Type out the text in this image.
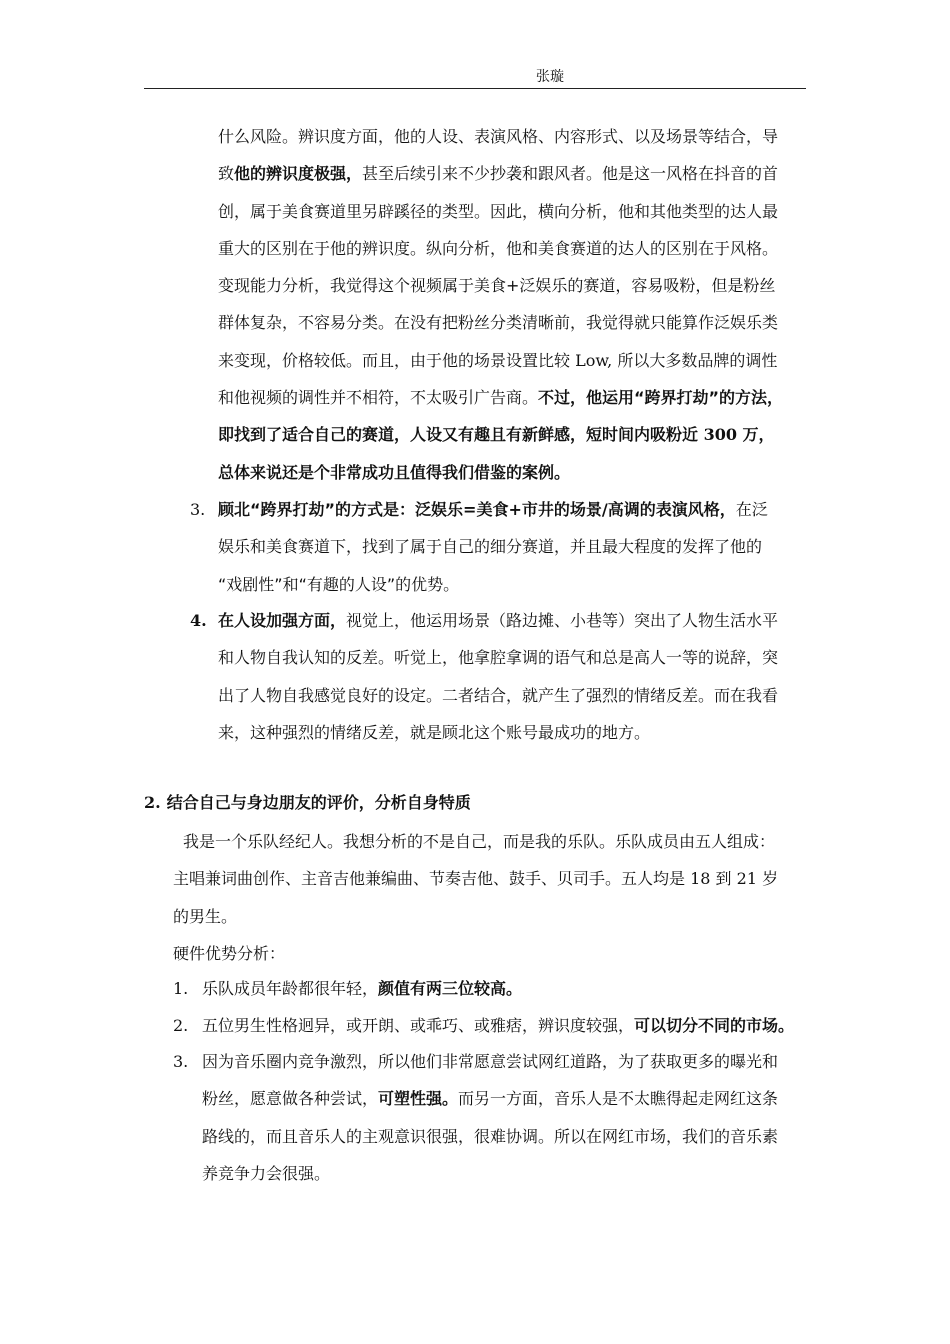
张璇

什么风险。辨识度方面，他的人设、表演风格、内容形式、以及场景等结合，导

致他的辨识度极强，甚至后续引来不少抄袭和跟风者。他是这一风格在抖音的首

创，属于美食赛道里另辟蹊径的类型。因此，横向分析，他和其他类型的达人最

重大的区别在于他的辨识度。纵向分析，他和美食赛道的达人的区别在于风格。

变现能力分析，我觉得这个视频属于美食+泛娱乐的赛道，容易吸粉，但是粉丝

群体复杂，不容易分类。在没有把粉丝分类清晰前，我觉得就只能算作泛娱乐类

来变现，价格较低。而且，由于他的场景设置比较 Low, 所以大多数品牌的调性

和他视频的调性并不相符，不太吸引广告商。不过，他运用“跨界打劫”的方法，

即找到了适合自己的赛道，人设又有趣且有新鲜感，短时间内吸粉近 300 万，

总体来说还是个非常成功且值得我们借鉴的案例。

3. 顾北“跨界打劫”的方式是：泛娱乐=美食+市井的场景/高调的表演风格，在泛

娱乐和美食赛道下，找到了属于自己的细分赛道，并且最大程度的发挥了他的

“戏剧性”和“有趣的人设”的优势。

4. 在人设加强方面，视觉上，他运用场景（路边摊、小巷等）突出了人物生活水平

和人物自我认知的反差。听觉上，他拿腔拿调的语气和总是高人一等的说辞，突

出了人物自我感觉良好的设定。二者结合，就产生了强烈的情绪反差。而在我看

来，这种强烈的情绪反差，就是顾北这个账号最成功的地方。

2. 结合自己与身边朋友的评价，分析自身特质

我是一个乐队经纪人。我想分析的不是自己，而是我的乐队。乐队成员由五人组成：

主唱兼词曲创作、主音吉他兼编曲、节奏吉他、鼓手、贝司手。五人均是 18 到 21 岁

的男生。

硬件优势分析：

1. 乐队成员年龄都很年轻，颜值有两三位较高。

2. 五位男生性格迥异，或开朗、或乖巧、或雅痞，辨识度较强，可以切分不同的市场。

3. 因为音乐圈内竞争激烈，所以他们非常愿意尝试网红道路，为了获取更多的曝光和

粉丝，愿意做各种尝试，可塑性强。而另一方面，音乐人是不太瞧得起走网红这条

路线的，而且音乐人的主观意识很强，很难协调。所以在网红市场，我们的音乐素

养竞争力会很强。
